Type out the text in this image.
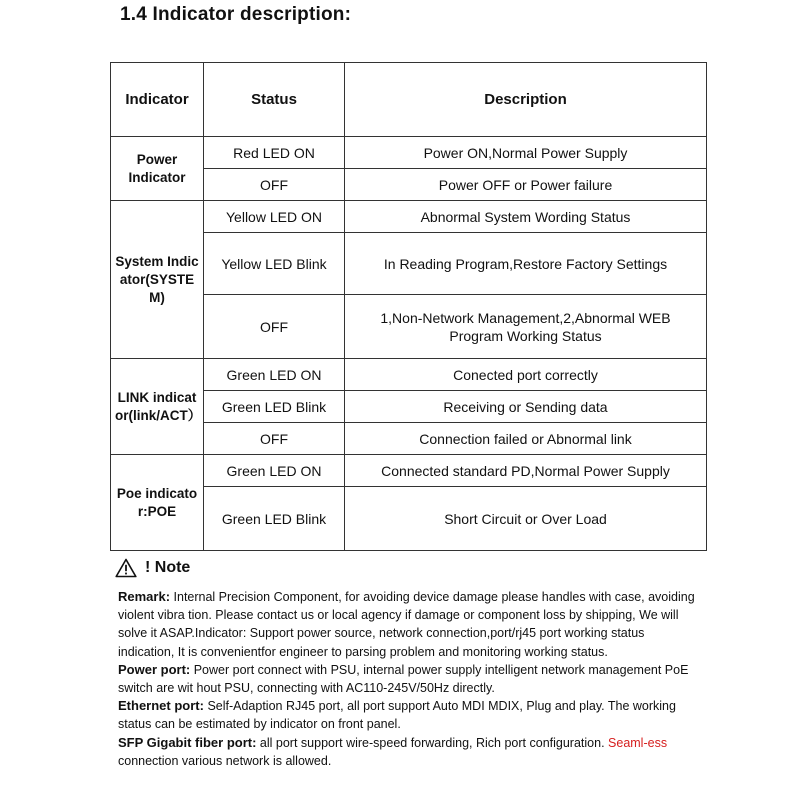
1.4 Indicator description:
Indicator	Status	Description
Power Indicator	Red LED ON	Power ON,Normal Power Supply
	OFF	Power OFF or Power failure
System Indicator(SYSTEM)	Yellow LED ON	Abnormal System Wording Status
	Yellow LED Blink	In Reading Program,Restore Factory Settings
	OFF	1,Non-Network Management,2,Abnormal WEB Program Working Status
LINK indicator(link/ACT）	Green LED ON	Conected port correctly
	Green LED Blink	Receiving or Sending data
	OFF	Connection failed or Abnormal link
Poe indicator:POE	Green LED ON	Connected standard PD,Normal Power Supply
	Green LED Blink	Short Circuit or Over Load
! Note

Remark: Internal Precision Component, for avoiding device damage please handles with case, avoiding violent vibra tion. Please contact us or local agency if damage or component loss by shipping, We will solve it ASAP.Indicator: Support power source, network connection,port/rj45 port working status indication, It is convenientfor engineer to parsing problem and monitoring working status.

Power port: Power port connect with PSU, internal power supply intelligent network management PoE switch are wit hout PSU, connecting with AC110-245V/50Hz directly.

Ethernet port: Self-Adaption RJ45 port, all port support Auto MDI MDIX, Plug and play. The working status can be estimated by indicator on front panel.

SFP Gigabit fiber port: all port support wire-speed forwarding, Rich port configuration. Seaml-ess connection various network is allowed.
